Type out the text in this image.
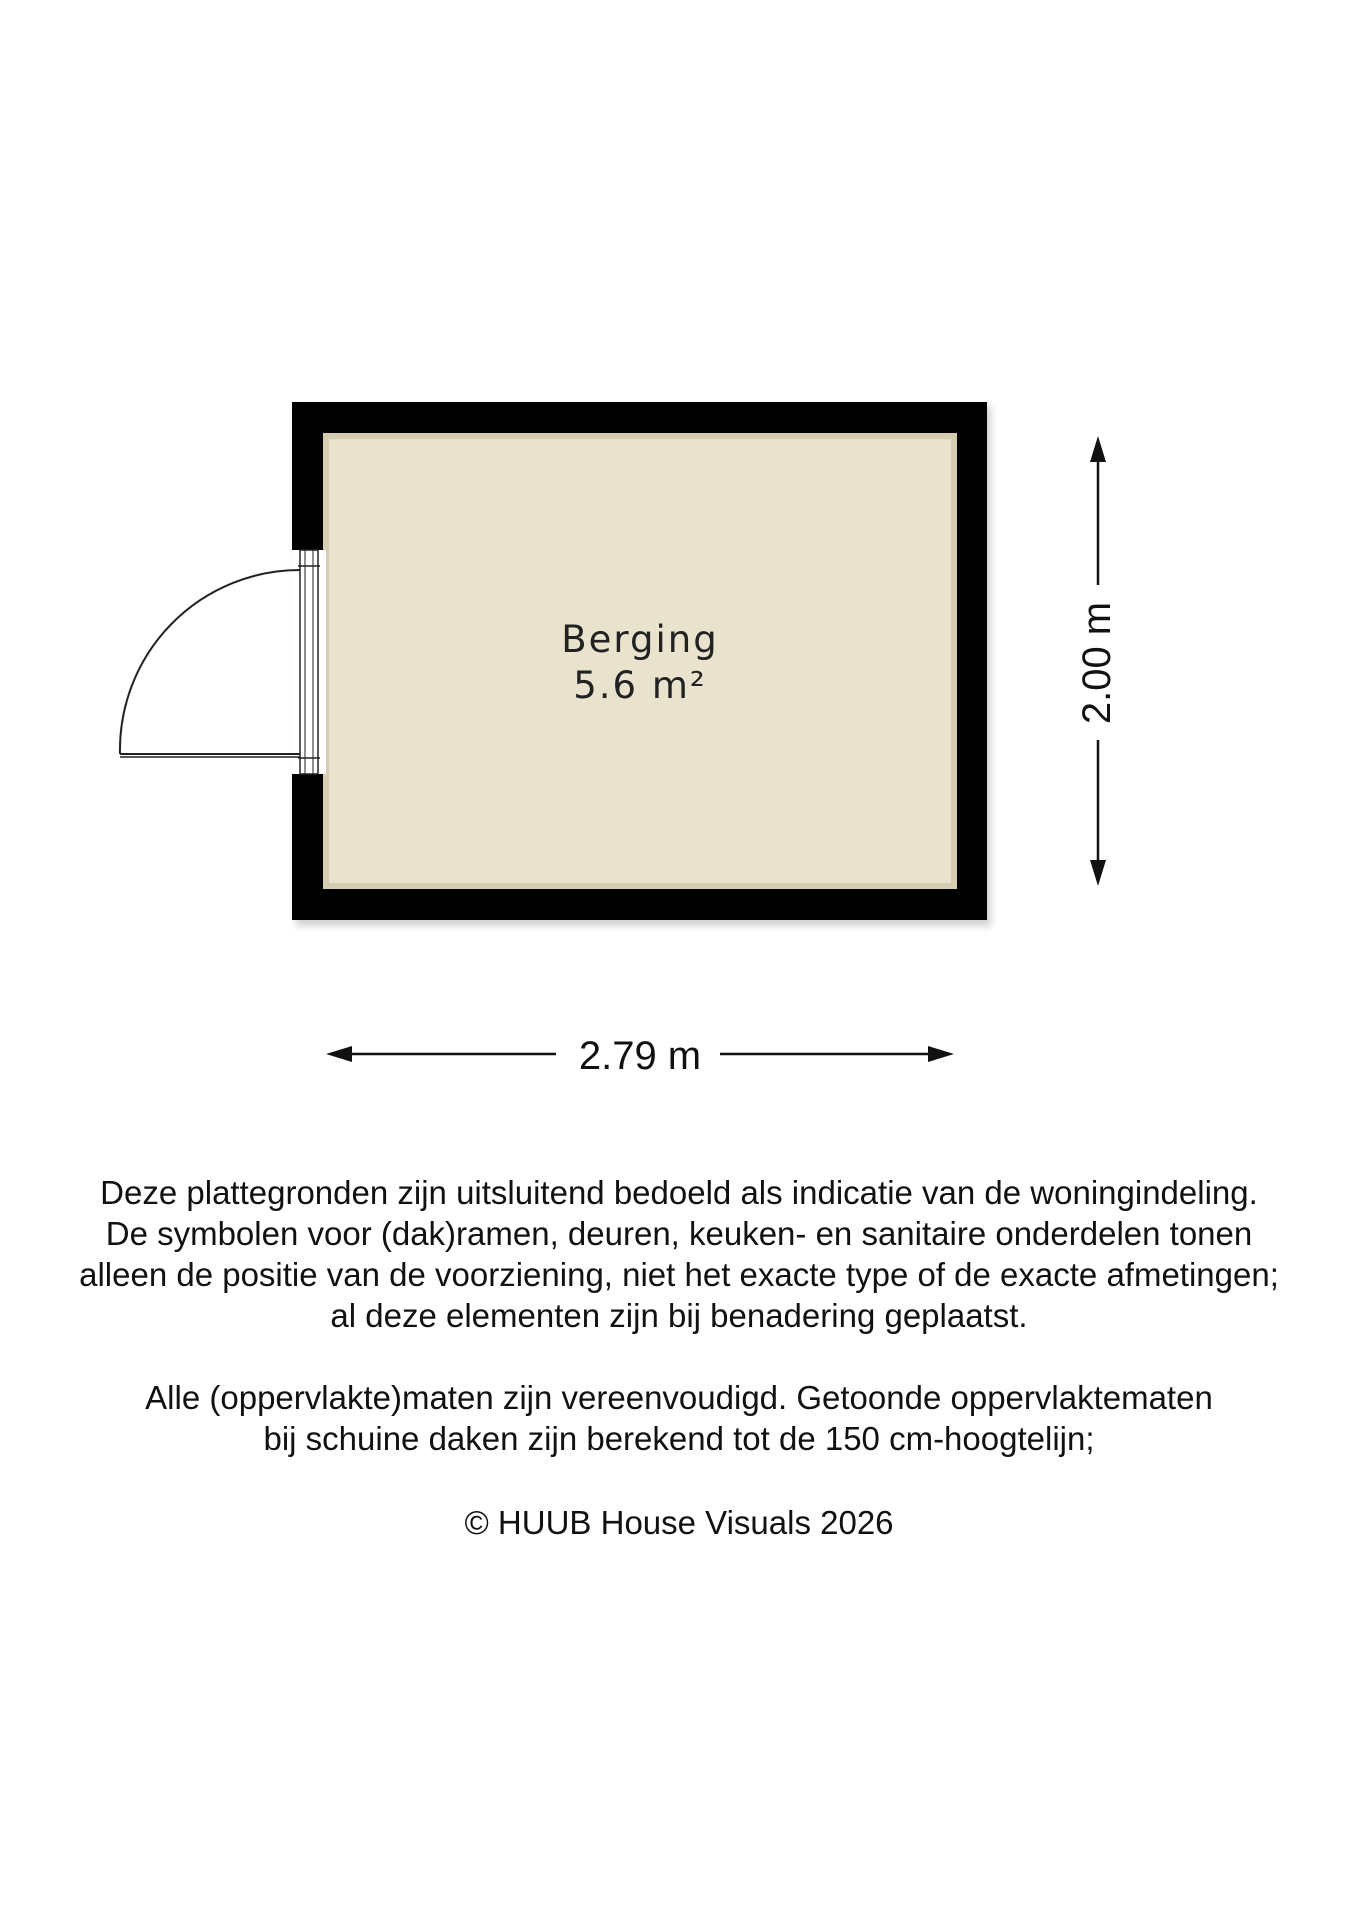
Berging
5.6 m²	2.00 m
2.79 m

Deze plattegronden zijn uitsluitend bedoeld als indicatie van de woningindeling.

De symbolen voor (dak)ramen, deuren, keuken- en sanitaire onderdelen tonen

alleen de positie van de voorziening, niet het exacte type of de exacte afmetingen;

al deze elementen zijn bij benadering geplaatst.

Alle (oppervlakte)maten zijn vereenvoudigd. Getoonde oppervlaktematen

bij schuine daken zijn berekend tot de 150 cm-hoogtelijn;

© HUUB House Visuals 2026
